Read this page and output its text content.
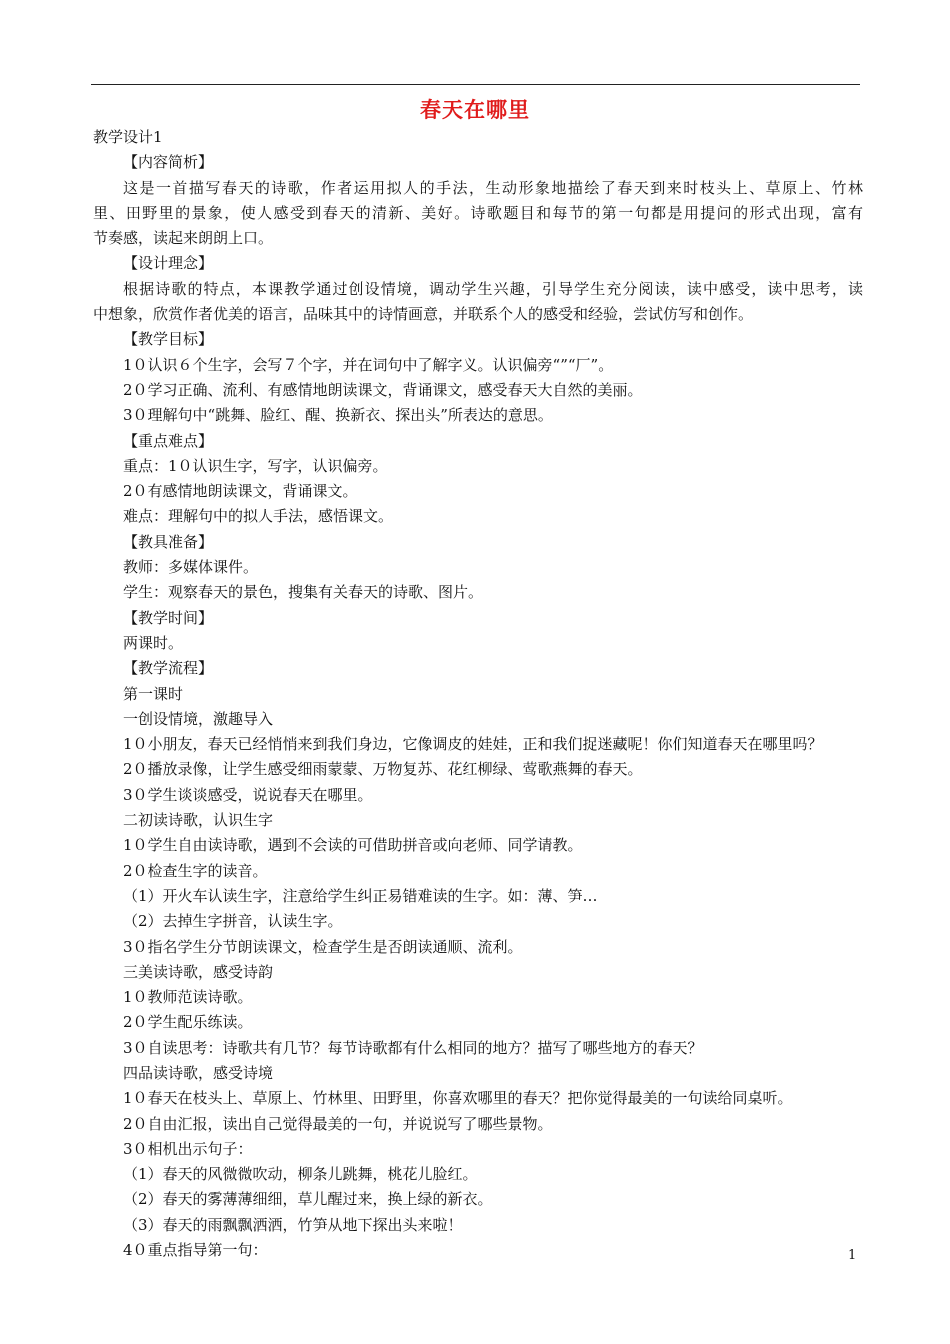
春天在哪里
教学设计1
【内容简析】
这是一首描写春天的诗歌，作者运用拟人的手法，生动形象地描绘了春天到来时枝头上、草原上、竹林
里、田野里的景象，使人感受到春天的清新、美好。诗歌题目和每节的第一句都是用提问的形式出现，富有
节奏感，读起来朗朗上口。
【设计理念】
根据诗歌的特点，本课教学通过创设情境，调动学生兴趣，引导学生充分阅读，读中感受，读中思考，读
中想象，欣赏作者优美的语言，品味其中的诗情画意，并联系个人的感受和经验，尝试仿写和创作。
【教学目标】
1０认识６个生字，会写７个字，并在词句中了解字义。认识偏旁“”“厂”。
2０学习正确、流利、有感情地朗读课文，背诵课文，感受春天大自然的美丽。
3０理解句中“跳舞、脸红、醒、换新衣、探出头”所表达的意思。
【重点难点】
重点：1０认识生字，写字，认识偏旁。
2０有感情地朗读课文，背诵课文。
难点：理解句中的拟人手法，感悟课文。
【教具准备】
教师：多媒体课件。
学生：观察春天的景色，搜集有关春天的诗歌、图片。
【教学时间】
两课时。
【教学流程】
第一课时
一创设情境，激趣导入
1０小朋友，春天已经悄悄来到我们身边，它像调皮的娃娃，正和我们捉迷藏呢！你们知道春天在哪里吗？
2０播放录像，让学生感受细雨蒙蒙、万物复苏、花红柳绿、莺歌燕舞的春天。
3０学生谈谈感受，说说春天在哪里。
二初读诗歌，认识生字
1０学生自由读诗歌，遇到不会读的可借助拼音或向老师、同学请教。
2０检查生字的读音。
（1）开火车认读生字，注意给学生纠正易错难读的生字。如：薄、笋…
（2）去掉生字拼音，认读生字。
3０指名学生分节朗读课文，检查学生是否朗读通顺、流利。
三美读诗歌，感受诗韵
1０教师范读诗歌。
2０学生配乐练读。
3０自读思考：诗歌共有几节？每节诗歌都有什么相同的地方？描写了哪些地方的春天？
四品读诗歌，感受诗境
1０春天在枝头上、草原上、竹林里、田野里，你喜欢哪里的春天？把你觉得最美的一句读给同桌听。
2０自由汇报，读出自己觉得最美的一句，并说说写了哪些景物。
3０相机出示句子：
（1）春天的风微微吹动，柳条儿跳舞，桃花儿脸红。
（2）春天的雾薄薄细细，草儿醒过来，换上绿的新衣。
（3）春天的雨飘飘洒洒，竹笋从地下探出头来啦！
4０重点指导第一句：	1
